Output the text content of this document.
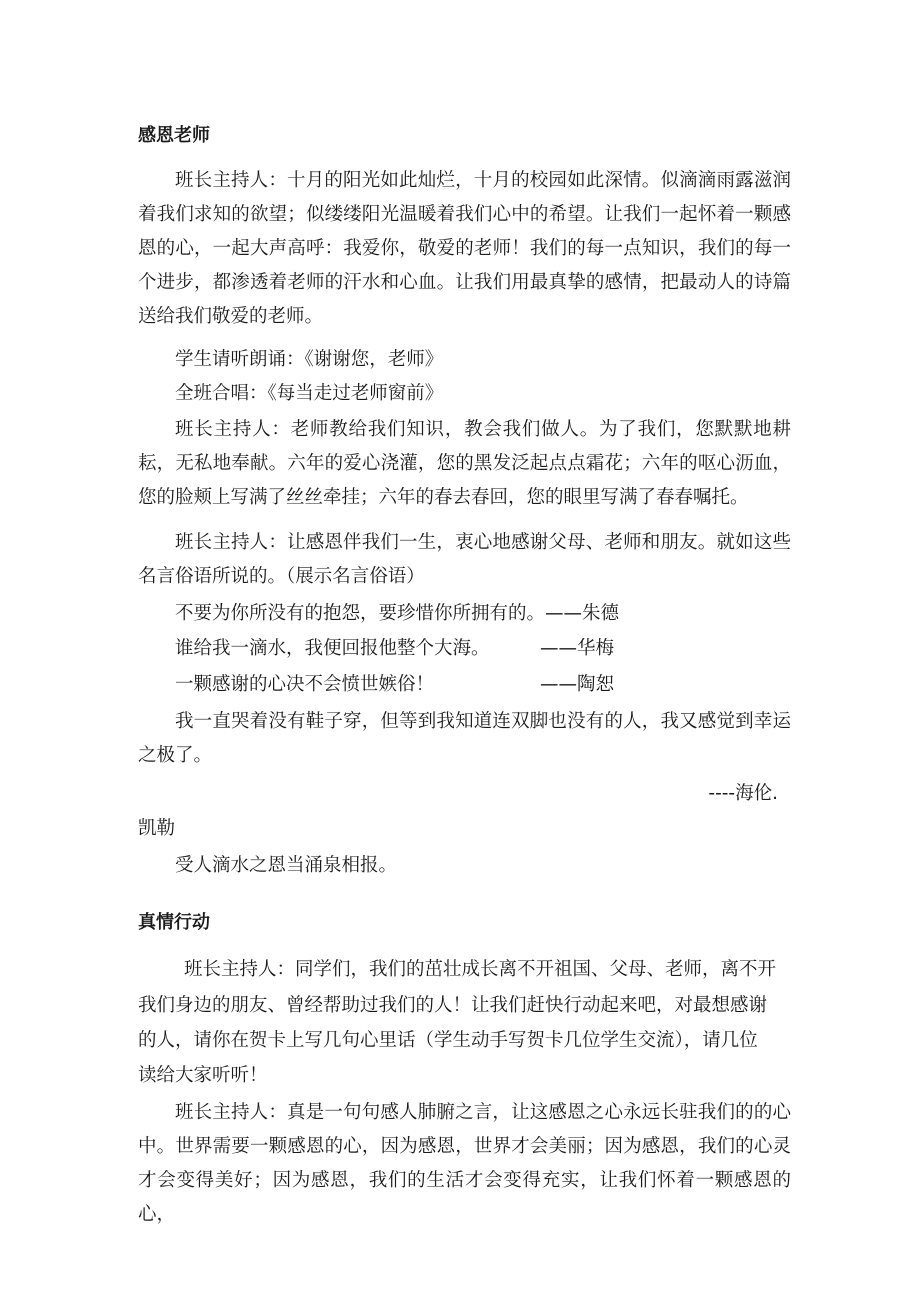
感恩老师
班长主持人：十月的阳光如此灿烂，十月的校园如此深情。似滴滴雨露滋润着我们求知的欲望；似缕缕阳光温暖着我们心中的希望。让我们一起怀着一颗感恩的心，一起大声高呼：我爱你，敬爱的老师！我们的每一点知识，我们的每一个进步，都渗透着老师的汗水和心血。让我们用最真挚的感情，把最动人的诗篇送给我们敬爱的老师。
学生请听朗诵：《谢谢您，老师》
全班合唱：《每当走过老师窗前》
班长主持人：老师教给我们知识，教会我们做人。为了我们，您默默地耕耘，无私地奉献。六年的爱心浇灌，您的黑发泛起点点霜花；六年的呕心沥血，您的脸颊上写满了丝丝牵挂；六年的春去春回，您的眼里写满了春春嘱托。
班长主持人：让感恩伴我们一生，衷心地感谢父母、老师和朋友。就如这些名言俗语所说的。（展示名言俗语）
不要为你所没有的抱怨，要珍惜你所拥有的。——朱德
谁给我一滴水，我便回报他整个大海。	——华梅
一颗感谢的心决不会愤世嫉俗！	——陶恕
我一直哭着没有鞋子穿，但等到我知道连双脚也没有的人，我又感觉到幸运之极了。
----海伦.
凯勒
受人滴水之恩当涌泉相报。
真情行动
班长主持人：同学们，我们的茁壮成长离不开祖国、父母、老师，离不开
我们身边的朋友、曾经帮助过我们的人！让我们赶快行动起来吧，对最想感谢
的人，请你在贺卡上写几句心里话（学生动手写贺卡几位学生交流），请几位
读给大家听听！
班长主持人：真是一句句感人肺腑之言，让这感恩之心永远长驻我们的的心中。世界需要一颗感恩的心，因为感恩，世界才会美丽；因为感恩，我们的心灵才会变得美好；因为感恩，我们的生活才会变得充实，让我们怀着一颗感恩的心，
